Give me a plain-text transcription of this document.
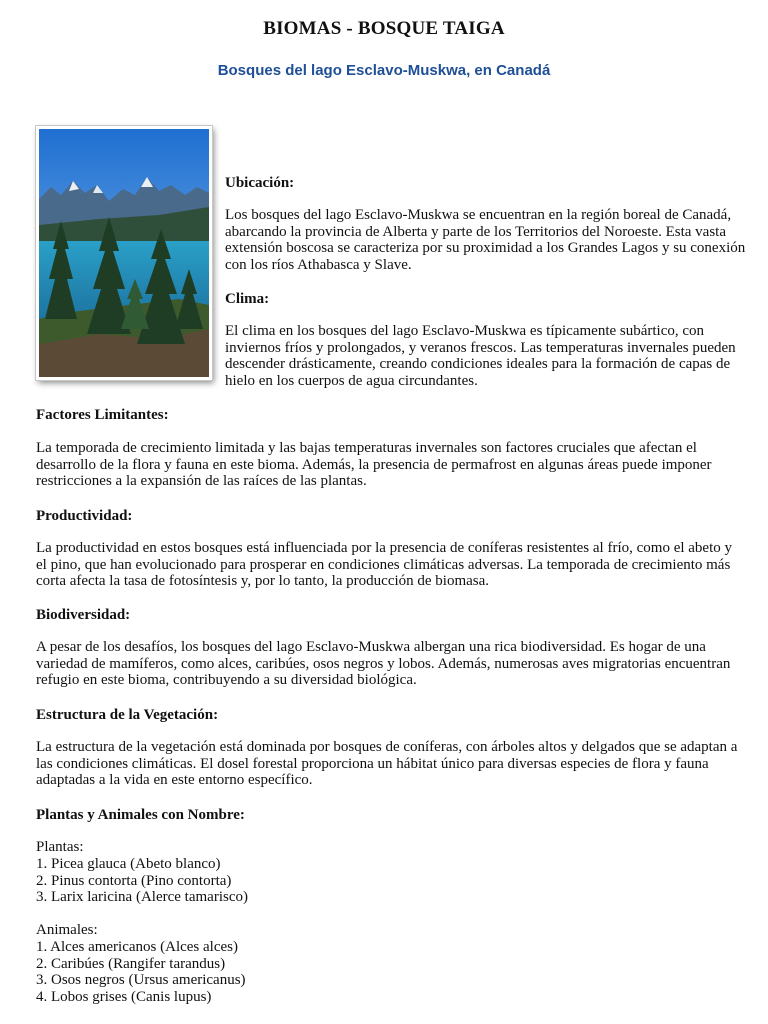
BIOMAS - BOSQUE TAIGA
Bosques del lago Esclavo-Muskwa, en Canadá
Ubicación:

Los bosques del lago Esclavo-Muskwa se encuentran en la región boreal de Canadá, abarcando la provincia de Alberta y parte de los Territorios del Noroeste. Esta vasta extensión boscosa se caracteriza por su proximidad a los Grandes Lagos y su conexión con los ríos Athabasca y Slave.

Clima:

El clima en los bosques del lago Esclavo-Muskwa es típicamente subártico, con inviernos fríos y prolongados, y veranos frescos. Las temperaturas invernales pueden descender drásticamente, creando condiciones ideales para la formación de capas de hielo en los cuerpos de agua circundantes.

Factores Limitantes:

La temporada de crecimiento limitada y las bajas temperaturas invernales son factores cruciales que afectan el desarrollo de la flora y fauna en este bioma. Además, la presencia de permafrost en algunas áreas puede imponer restricciones a la expansión de las raíces de las plantas.

Productividad:

La productividad en estos bosques está influenciada por la presencia de coníferas resistentes al frío, como el abeto y el pino, que han evolucionado para prosperar en condiciones climáticas adversas. La temporada de crecimiento más corta afecta la tasa de fotosíntesis y, por lo tanto, la producción de biomasa.

Biodiversidad:

A pesar de los desafíos, los bosques del lago Esclavo-Muskwa albergan una rica biodiversidad. Es hogar de una variedad de mamíferos, como alces, caribúes, osos negros y lobos. Además, numerosas aves migratorias encuentran refugio en este bioma, contribuyendo a su diversidad biológica.

Estructura de la Vegetación:

La estructura de la vegetación está dominada por bosques de coníferas, con árboles altos y delgados que se adaptan a las condiciones climáticas. El dosel forestal proporciona un hábitat único para diversas especies de flora y fauna adaptadas a la vida en este entorno específico.

Plantas y Animales con Nombre:
Plantas:
1. Picea glauca (Abeto blanco)
2. Pinus contorta (Pino contorta)
3. Larix laricina (Alerce tamarisco)
Animales:
1. Alces americanos (Alces alces)
2. Caribúes (Rangifer tarandus)
3. Osos negros (Ursus americanus)
4. Lobos grises (Canis lupus)
